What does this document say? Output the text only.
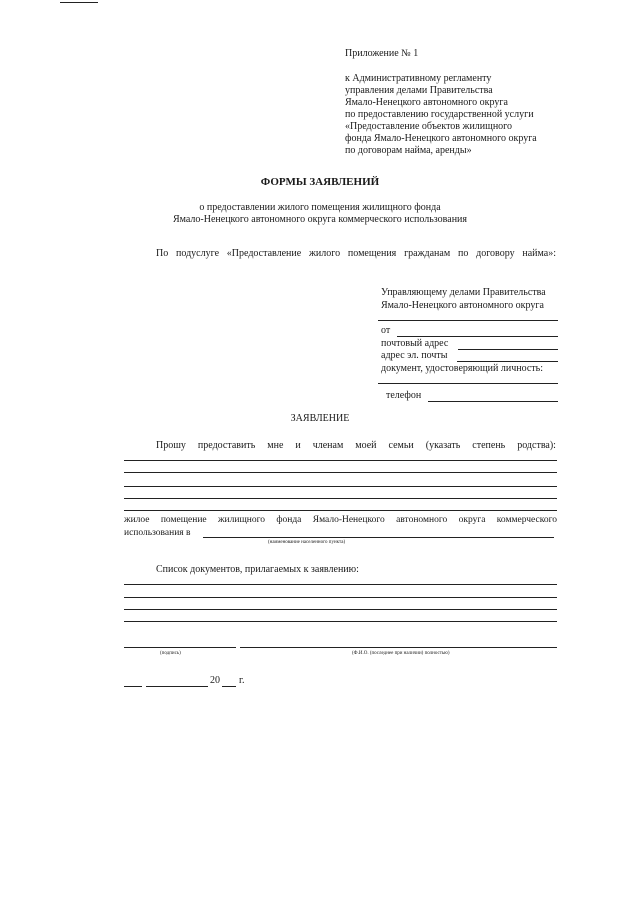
Приложение № 1
к Административному регламенту
управления делами Правительства
Ямало-Ненецкого автономного округа
по предоставлению государственной услуги
«Предоставление объектов жилищного
фонда Ямало-Ненецкого автономного округа
по договорам найма, аренды»
ФОРМЫ ЗАЯВЛЕНИЙ
о предоставлении жилого помещения жилищного фонда
Ямало-Ненецкого автономного округа коммерческого использования
По подуслуге «Предоставление жилого помещения гражданам по договору найма»:
Управляющему делами Правительства
Ямало-Ненецкого автономного округа
от
почтовый адрес
адрес эл. почты
документ, удостоверяющий личность:
телефон
ЗАЯВЛЕНИЕ
Прошу предоставить мне и членам моей семьи (указать степень родства):
жилое помещение жилищного фонда Ямало-Ненецкого автономного округа коммерческого
использования в
(наименование населенного пункта)
Список документов, прилагаемых к заявлению:
(подпись)	(Ф.И.О. (последнее при наличии) полностью)
20 г.
